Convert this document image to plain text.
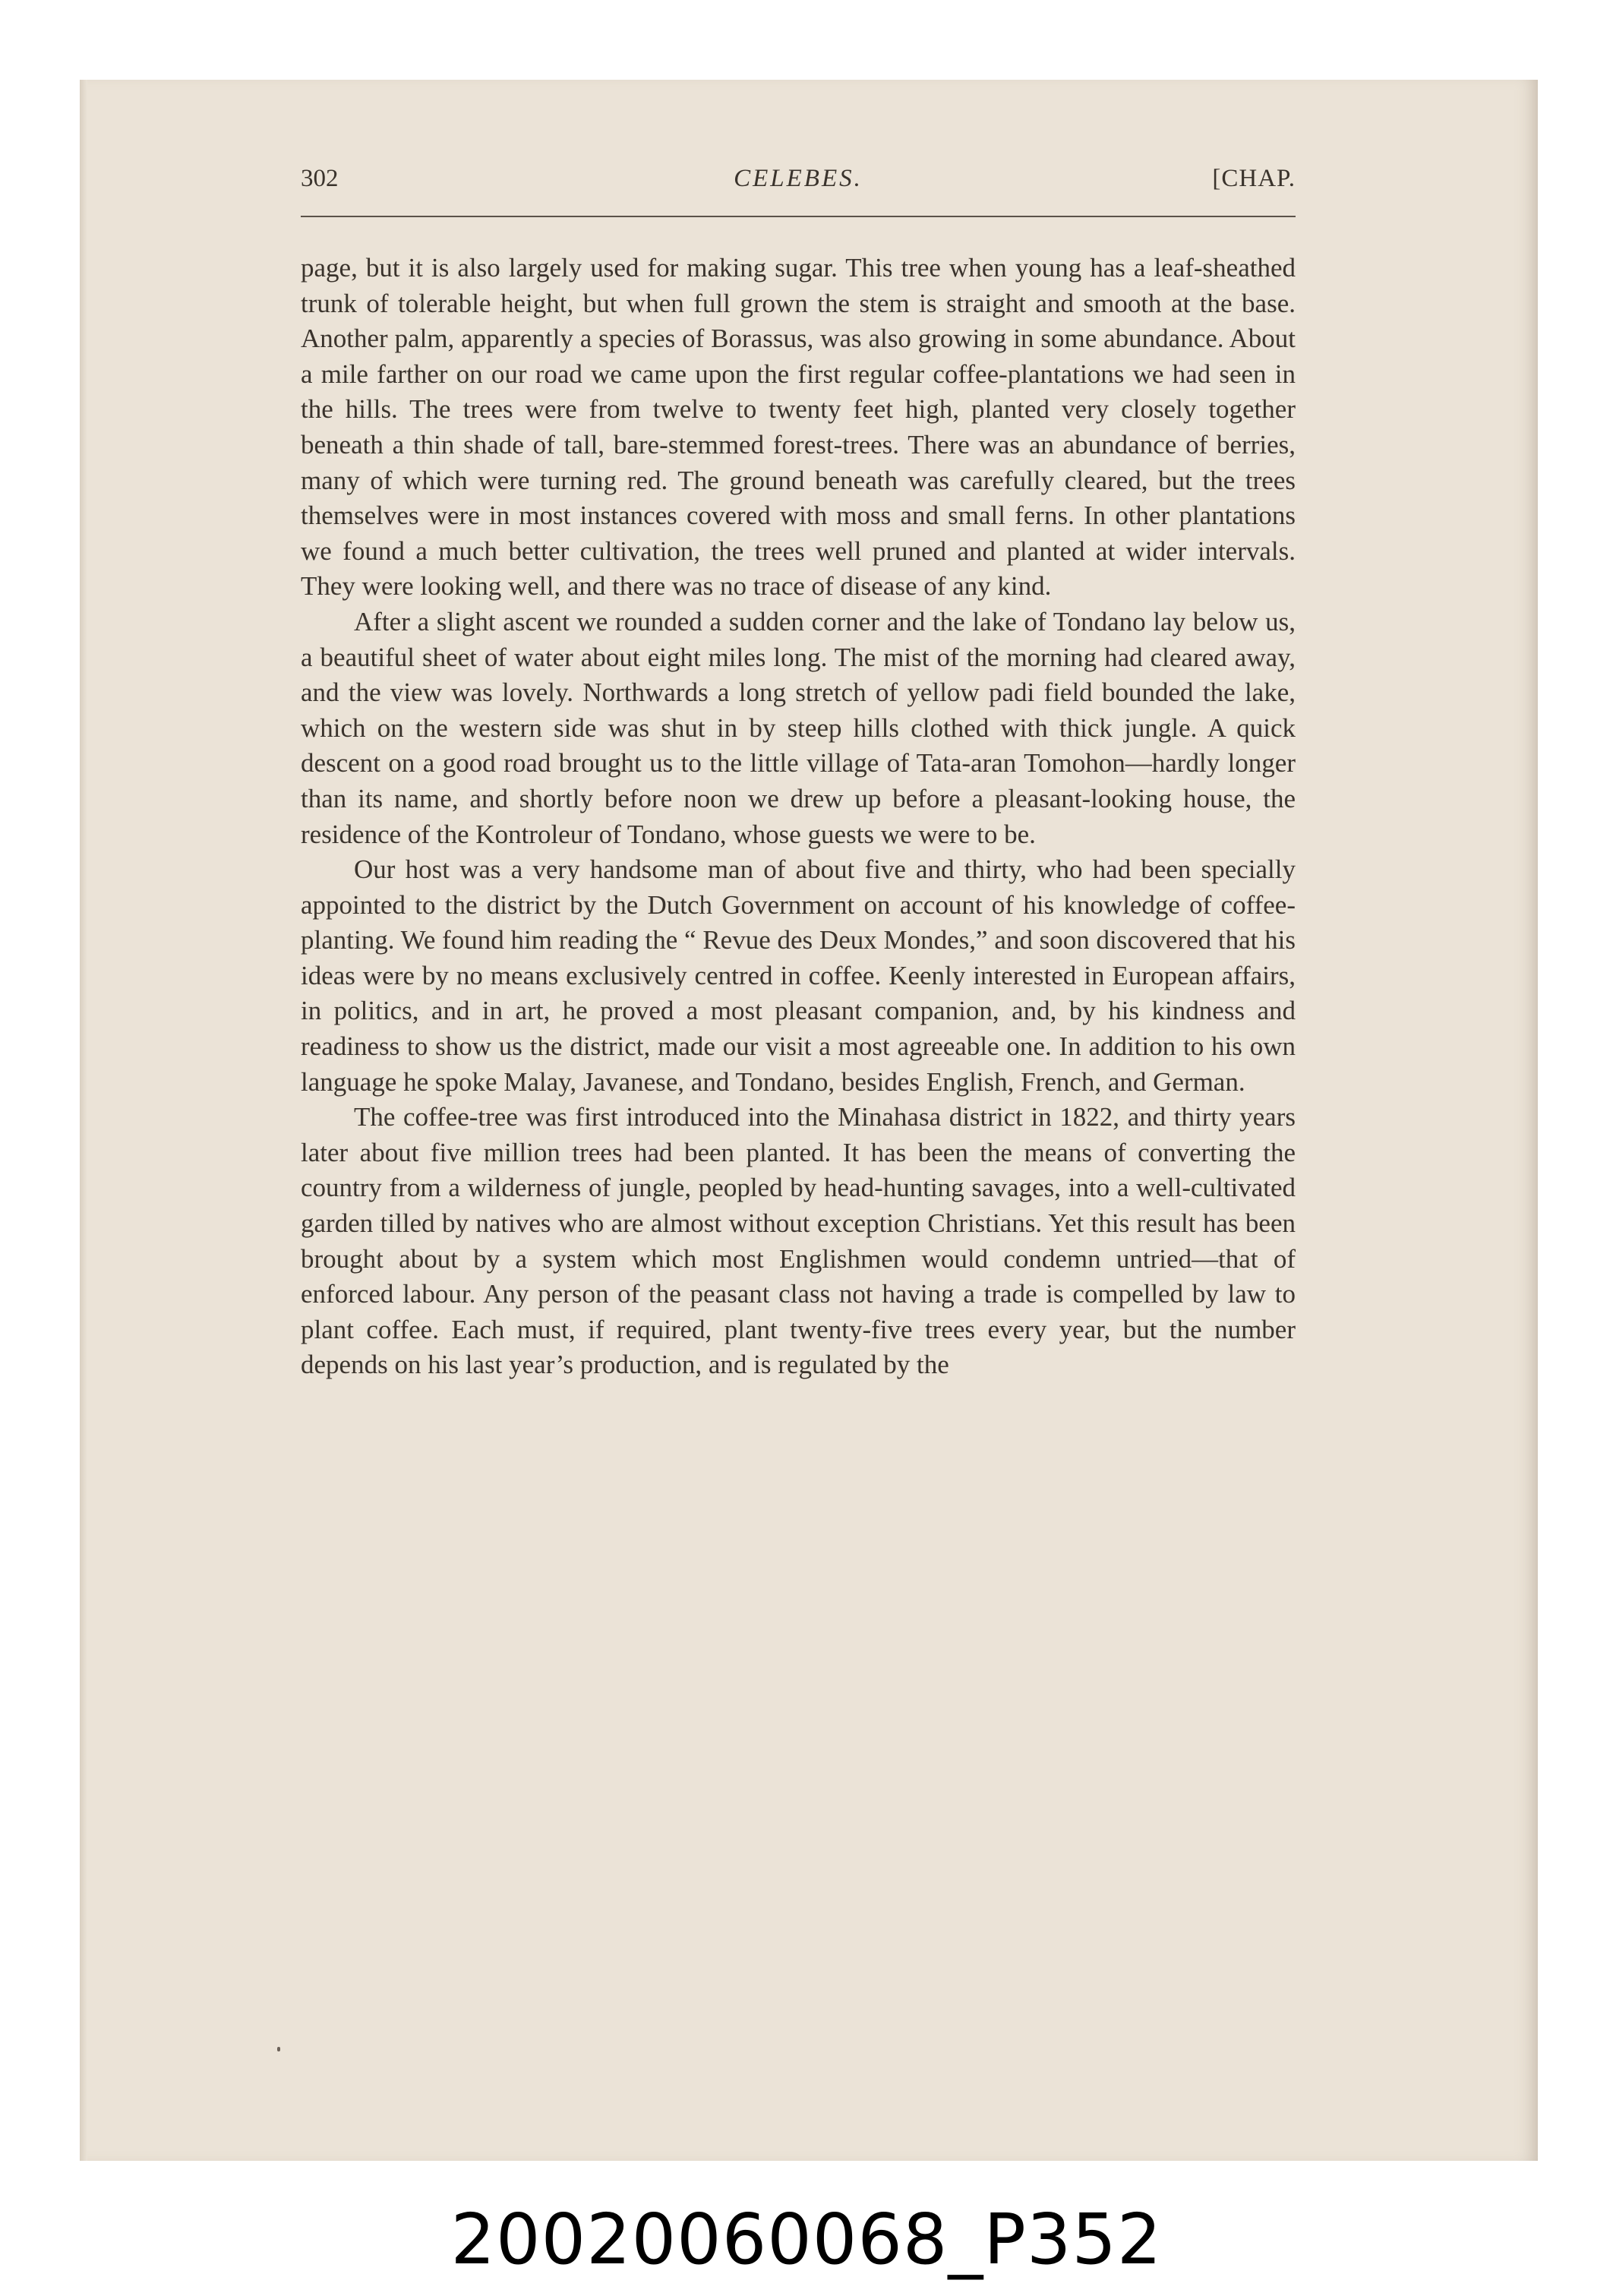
302	CELEBES.	[CHAP.

page, but it is also largely used for making sugar. This tree when young has a leaf-sheathed trunk of tolerable height, but when full grown the stem is straight and smooth at the base. Another palm, apparently a species of Borassus, was also growing in some abundance. About a mile farther on our road we came upon the first regular coffee-plantations we had seen in the hills. The trees were from twelve to twenty feet high, planted very closely together beneath a thin shade of tall, bare-stemmed forest-trees. There was an abundance of berries, many of which were turning red. The ground beneath was carefully cleared, but the trees themselves were in most instances covered with moss and small ferns. In other plantations we found a much better cultivation, the trees well pruned and planted at wider intervals. They were looking well, and there was no trace of disease of any kind.

After a slight ascent we rounded a sudden corner and the lake of Tondano lay below us, a beautiful sheet of water about eight miles long. The mist of the morning had cleared away, and the view was lovely. Northwards a long stretch of yellow padi field bounded the lake, which on the western side was shut in by steep hills clothed with thick jungle. A quick descent on a good road brought us to the little village of Tata-aran Tomohon—hardly longer than its name, and shortly before noon we drew up before a pleasant-looking house, the residence of the Kontroleur of Tondano, whose guests we were to be.

Our host was a very handsome man of about five and thirty, who had been specially appointed to the district by the Dutch Government on account of his knowledge of coffee-planting. We found him reading the “ Revue des Deux Mondes,” and soon discovered that his ideas were by no means exclusively centred in coffee. Keenly interested in European affairs, in politics, and in art, he proved a most pleasant companion, and, by his kindness and readiness to show us the district, made our visit a most agreeable one. In addition to his own language he spoke Malay, Javanese, and Tondano, besides English, French, and German.

The coffee-tree was first introduced into the Minahasa district in 1822, and thirty years later about five million trees had been planted. It has been the means of converting the country from a wilderness of jungle, peopled by head-hunting savages, into a well-cultivated garden tilled by natives who are almost without exception Christians. Yet this result has been brought about by a system which most Englishmen would condemn untried—that of enforced labour. Any person of the peasant class not having a trade is compelled by law to plant coffee. Each must, if required, plant twenty-five trees every year, but the number depends on his last year’s production, and is regulated by the

20020060068_P352
